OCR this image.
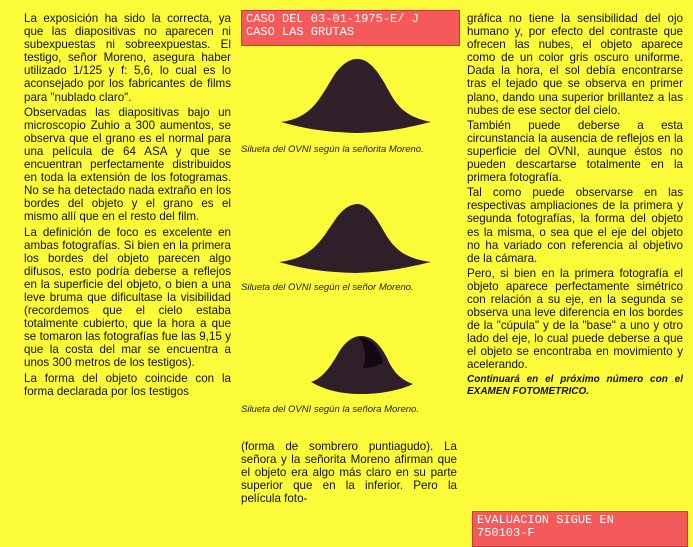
La exposición ha sido la correcta, ya que las diapositivas no aparecen ni subexpuestas ni sobreexpuestas. El testigo, señor Moreno, asegura haber utilizado 1/125 y f: 5,6, lo cual es lo aconsejado por los fabricantes de films para "nublado claro".

Observadas las diapositivas bajo un microscopio Zuhio a 300 aumentos, se observa que el grano es el normal para una película de 64 ASA y que se encuentran perfectamente distribuidos en toda la extensión de los fotogramas. No se ha detectado nada extraño en los bordes del objeto y el grano es el mismo allí que en el resto del film.

La definición de foco es excelente en ambas fotografías. Si bien en la primera los bordes del objeto parecen algo difusos, esto podría deberse a reflejos en la superficie del objeto, o bien a una leve bruma que dificultase la visibilidad (recordemos que el cielo estaba totalmente cubierto, que la hora a que se tomaron las fotografías fue las 9,15 y que la costa del mar se encuentra a unos 300 metros de los testigos).

La forma del objeto coincide con la forma declarada por los testigos

CASO DEL 03-01-1975-E/ J
CASO LAS GRUTAS
Silueta del OVNI según la señorita Moreno.
Silueta del OVNI según el señor Moreno.
Silueta del OVNI según la señora Moreno.
(forma de sombrero puntiagudo). La señora y la señorita Moreno afirman que el objeto era algo más claro en su parte superior que en la inferior. Pero la película foto-

gráfica no tiene la sensibilidad del ojo humano y, por efecto del contraste que ofrecen las nubes, el objeto aparece como de un color gris oscuro uniforme. Dada la hora, el sol debía encontrarse tras el tejado que se observa en primer plano, dando una superior brillantez a las nubes de ese sector del cielo.

También puede deberse a esta circunstancia la ausencia de reflejos en la superficie del OVNI, aunque éstos no pueden descartarse totalmente en la primera fotografía.

Tal como puede observarse en las respectivas ampliaciones de la primera y segunda fotografías, la forma del objeto es la misma, o sea que el eje del objeto no ha variado con referencia al objetivo de la cámara.

Pero, si bien en la primera fotografía el objeto aparece perfectamente simétrico con relación a su eje, en la segunda se observa una leve diferencia en los bordes de la "cúpula" y de la "base" a uno y otro lado del eje, lo cual puede deberse a que el objeto se encontraba en movimiento y acelerando.

Continuará en el próximo número con el EXAMEN FOTOMETRICO.

EVALUACION SIGUE EN
750103-F
